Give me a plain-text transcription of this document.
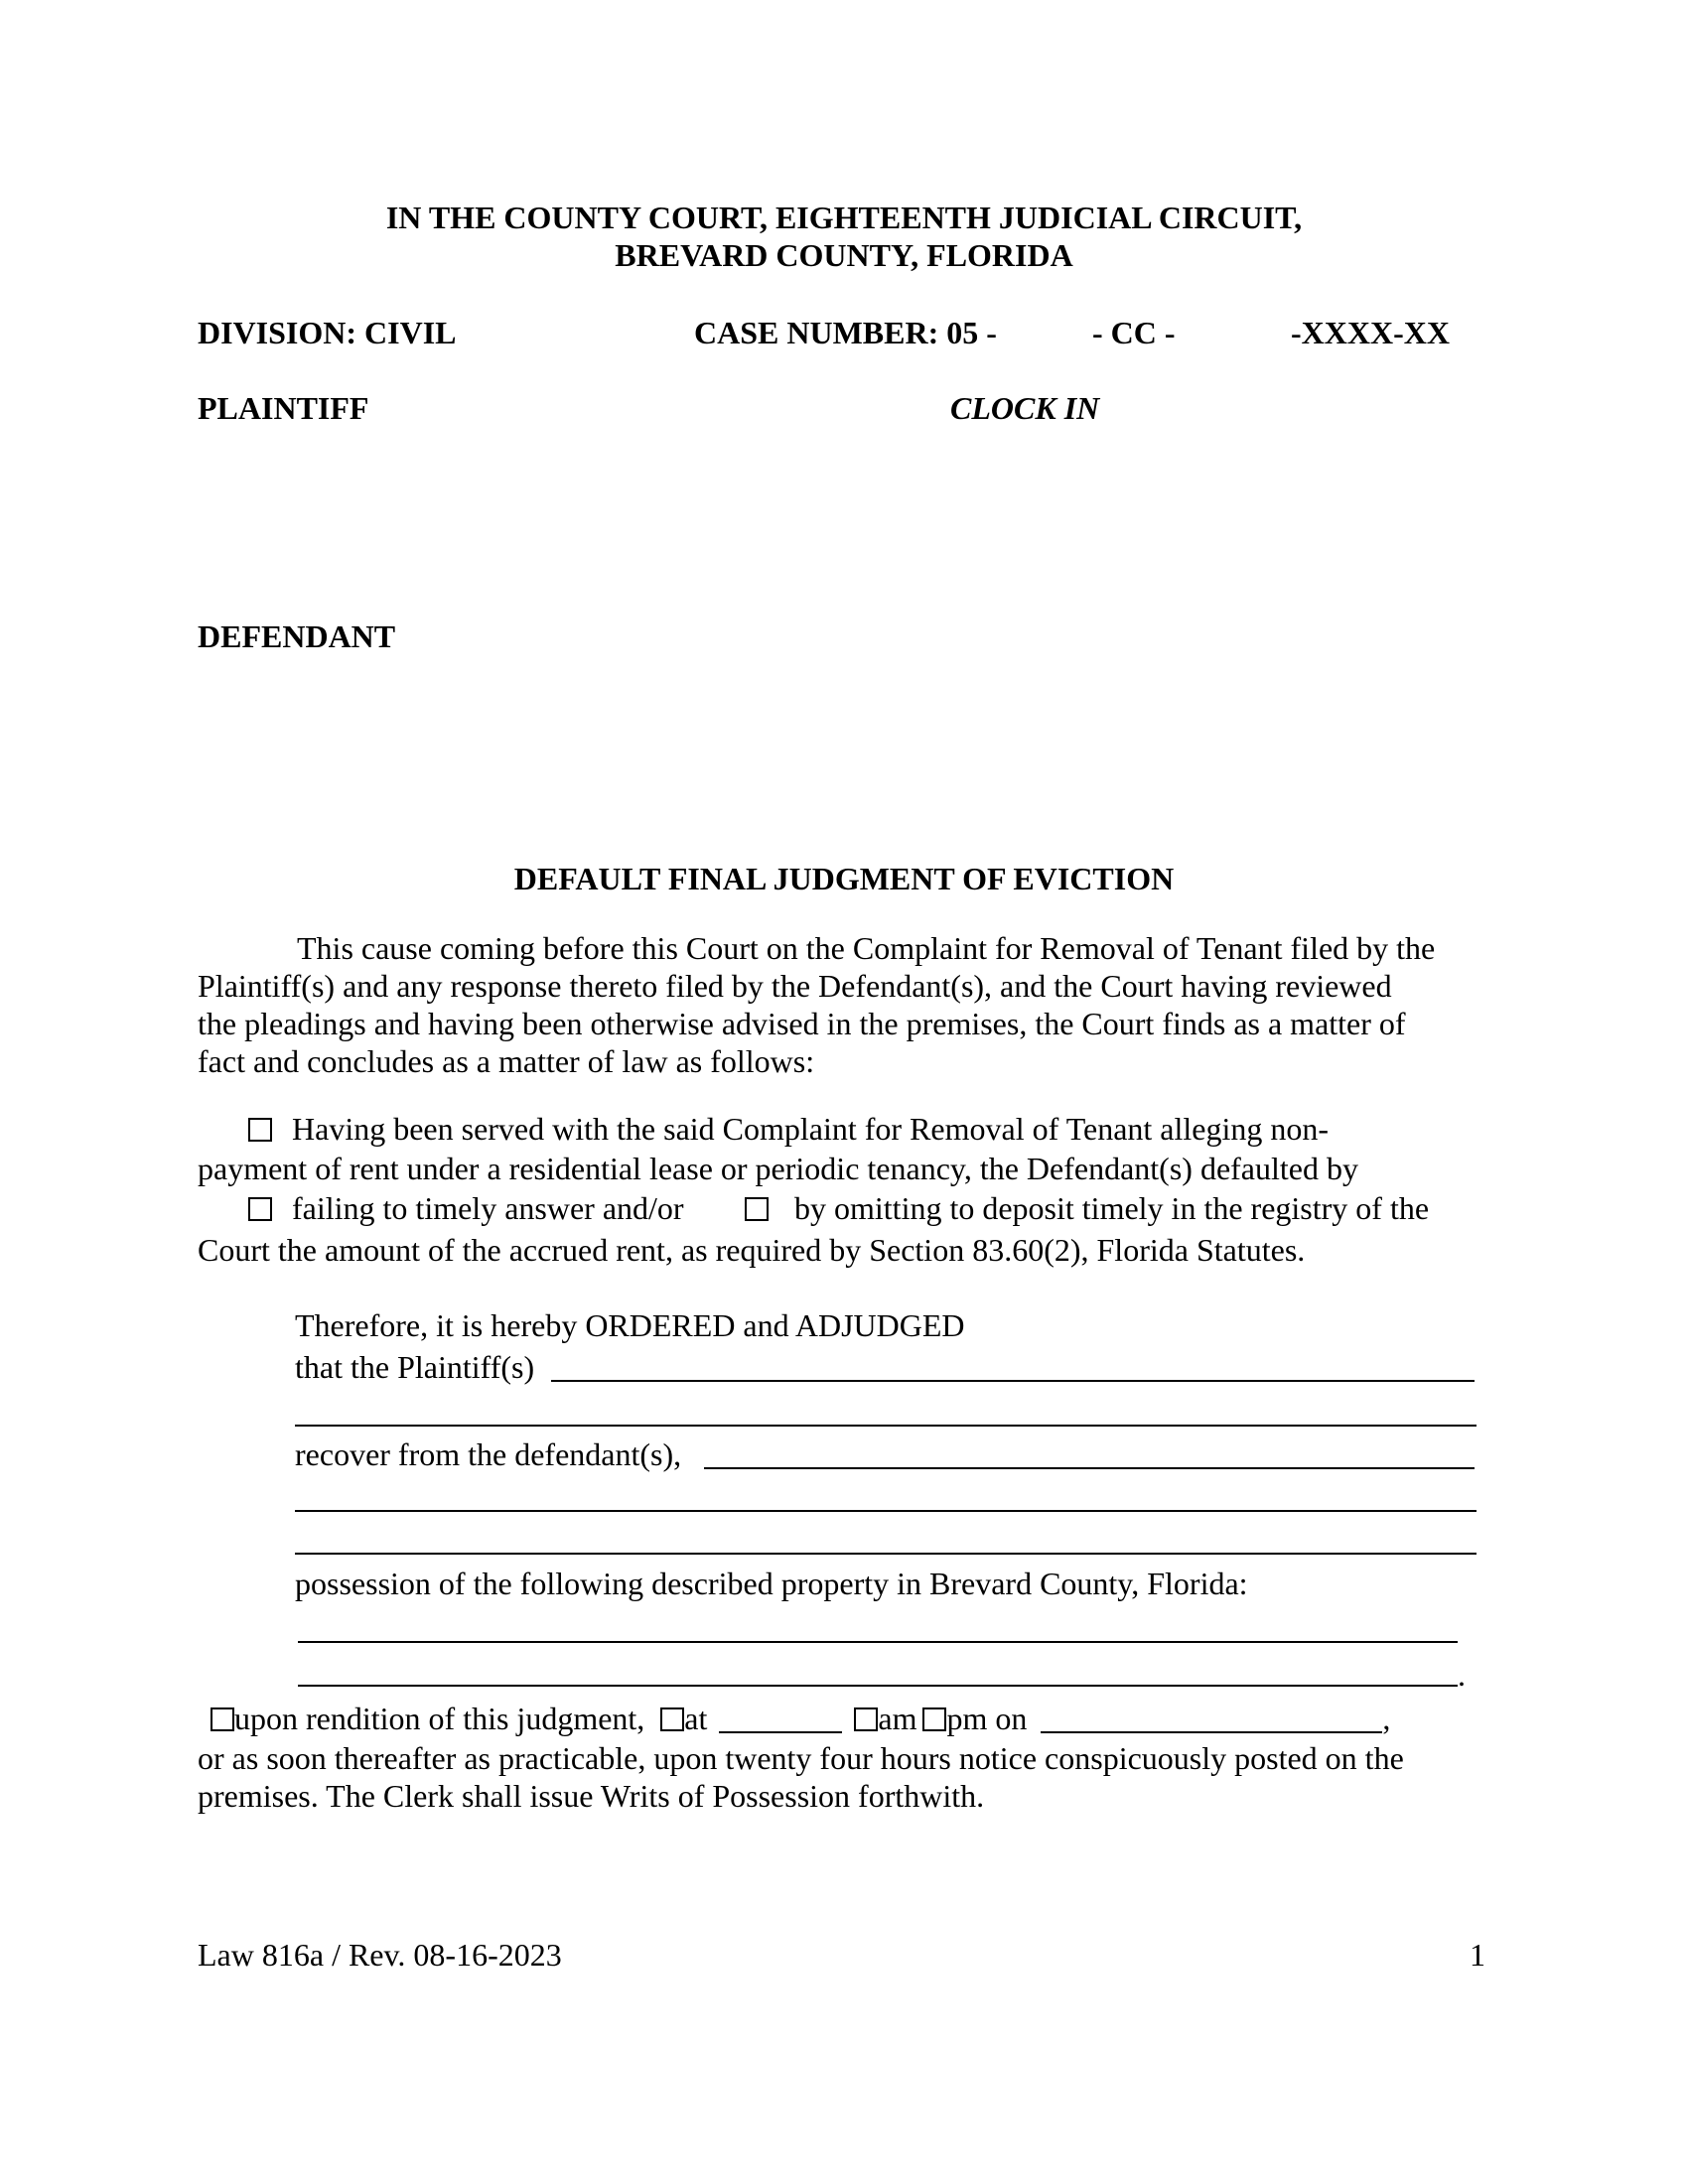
IN THE COUNTY COURT, EIGHTEENTH JUDICIAL CIRCUIT,
BREVARD COUNTY, FLORIDA
DIVISION: CIVIL	CASE NUMBER: 05 -	- CC -	-XXXX-XX
PLAINTIFF	CLOCK IN
DEFENDANT
DEFAULT FINAL JUDGMENT OF EVICTION
This cause coming before this Court on the Complaint for Removal of Tenant filed by the
Plaintiff(s) and any response thereto filed by the Defendant(s), and the Court having reviewed
the pleadings and having been otherwise advised in the premises, the Court finds as a matter of
fact and concludes as a matter of law as follows:
Having been served with the said Complaint for Removal of Tenant alleging non-
payment of rent under a residential lease or periodic tenancy, the Defendant(s) defaulted by
failing to timely answer and/or	by omitting to deposit timely in the registry of the
Court the amount of the accrued rent, as required by Section 83.60(2), Florida Statutes.
Therefore, it is hereby ORDERED and ADJUDGED
that the Plaintiff(s)
recover from the defendant(s),
possession of the following described property in Brevard County, Florida:
.
upon rendition of this judgment, at	am pm on	,
or as soon thereafter as practicable, upon twenty four hours notice conspicuously posted on the
premises. The Clerk shall issue Writs of Possession forthwith.
Law 816a / Rev. 08-16-2023	1
